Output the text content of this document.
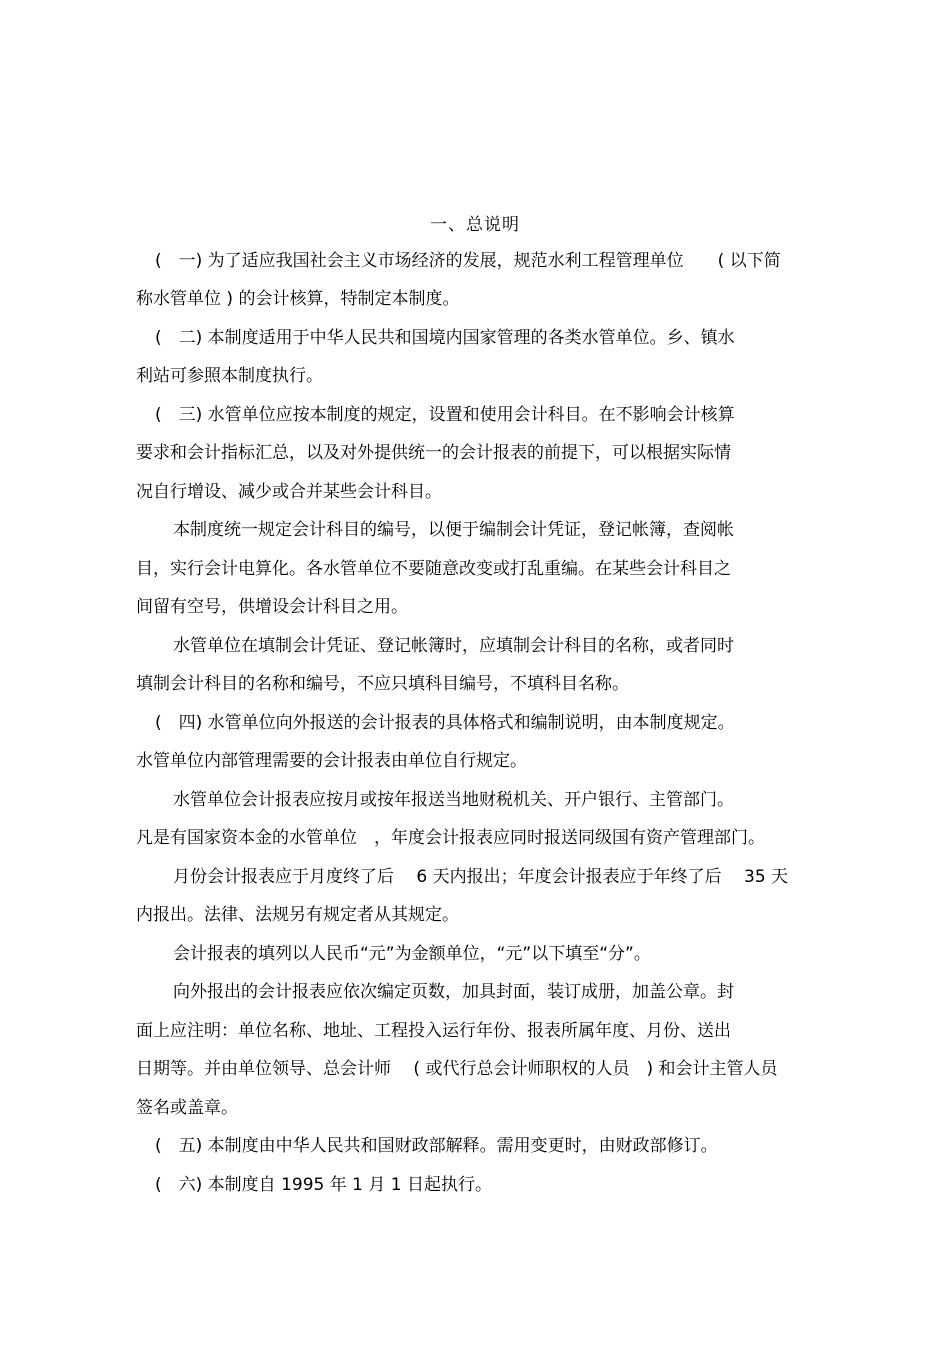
一、总说明
(　一) 为了适应我国社会主义市场经济的发展，规范水利工程管理单位　　( 以下简
称水管单位 ) 的会计核算，特制定本制度。
(　二) 本制度适用于中华人民共和国境内国家管理的各类水管单位。乡、镇水
利站可参照本制度执行。
(　三) 水管单位应按本制度的规定，设置和使用会计科目。在不影响会计核算
要求和会计指标汇总，以及对外提供统一的会计报表的前提下，可以根据实际情
况自行增设、减少或合并某些会计科目。
本制度统一规定会计科目的编号，以便于编制会计凭证，登记帐簿，查阅帐
目，实行会计电算化。各水管单位不要随意改变或打乱重编。在某些会计科目之
间留有空号，供增设会计科目之用。
水管单位在填制会计凭证、登记帐簿时，应填制会计科目的名称，或者同时
填制会计科目的名称和编号，不应只填科目编号，不填科目名称。
(　四) 水管单位向外报送的会计报表的具体格式和编制说明，由本制度规定。
水管单位内部管理需要的会计报表由单位自行规定。
水管单位会计报表应按月或按年报送当地财税机关、开户银行、主管部门。
凡是有国家资本金的水管单位　，年度会计报表应同时报送同级国有资产管理部门。
月份会计报表应于月度终了后　 6 天内报出；年度会计报表应于年终了后　 35 天
内报出。法律、法规另有规定者从其规定。
会计报表的填列以人民币“元”为金额单位，“元”以下填至“分”。
向外报出的会计报表应依次编定页数，加具封面，装订成册，加盖公章。封
面上应注明：单位名称、地址、工程投入运行年份、报表所属年度、月份、送出
日期等。并由单位领导、总会计师　 ( 或代行总会计师职权的人员　) 和会计主管人员
签名或盖章。
(　五) 本制度由中华人民共和国财政部解释。需用变更时，由财政部修订。
(　六) 本制度自 1995 年 1 月 1 日起执行。
